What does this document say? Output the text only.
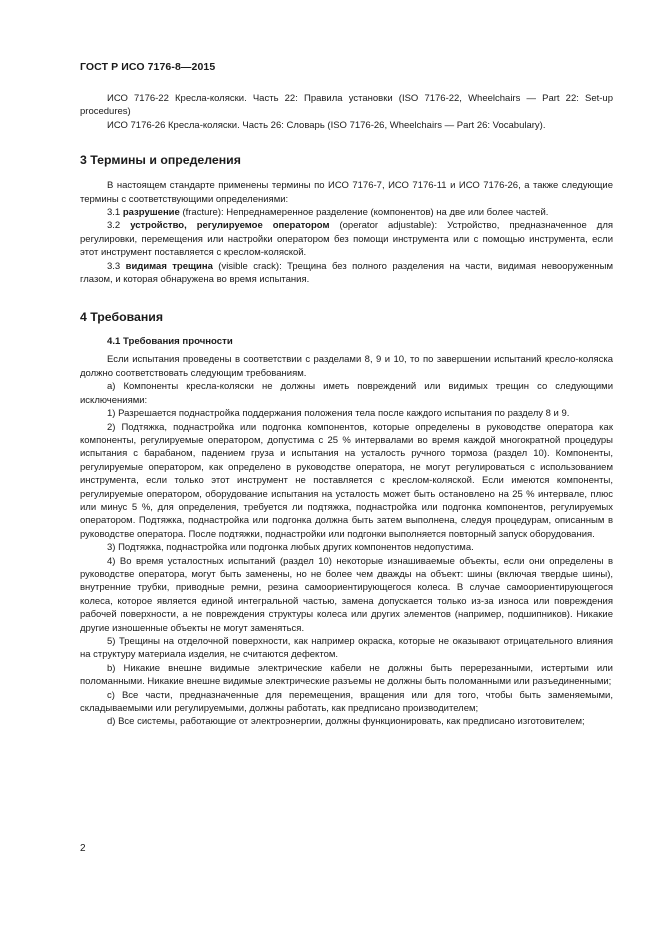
ГОСТ Р ИСО 7176-8—2015

ИСО 7176-22 Кресла-коляски. Часть 22: Правила установки (ISO 7176-22, Wheelchairs — Part 22: Set-up procedures)

ИСО 7176-26 Кресла-коляски. Часть 26: Словарь (ISO 7176-26, Wheelchairs — Part 26: Vocabulary).

3 Термины и определения

В настоящем стандарте применены термины по ИСО 7176-7, ИСО 7176-11 и ИСО 7176-26, а также следующие термины с соответствующими определениями:

3.1 разрушение (fracture): Непреднамеренное разделение (компонентов) на две или более частей.

3.2 устройство, регулируемое оператором (operator adjustable): Устройство, предназначенное для регулировки, перемещения или настройки оператором без помощи инструмента или с помощью инструмента, если этот инструмент поставляется с креслом-коляской.

3.3 видимая трещина (visible crack): Трещина без полного разделения на части, видимая невооруженным глазом, и которая обнаружена во время испытания.

4 Требования
4.1 Требования прочности

Если испытания проведены в соответствии с разделами 8, 9 и 10, то по завершении испытаний кресло-коляска должно соответствовать следующим требованиям.

а) Компоненты кресла-коляски не должны иметь повреждений или видимых трещин со следующими исключениями:

1) Разрешается поднастройка поддержания положения тела после каждого испытания по разделу 8 и 9.

2) Подтяжка, поднастройка или подгонка компонентов, которые определены в руководстве оператора как компоненты, регулируемые оператором, допустима с 25 % интервалами во время каждой многократной процедуры испытания с барабаном, падением груза и испытания на усталость ручного тормоза (раздел 10). Компоненты, регулируемые оператором, как определено в руководстве оператора, не могут регулироваться с использованием инструмента, если только этот инструмент не поставляется с креслом-коляской. Если имеются компоненты, регулируемые оператором, оборудование испытания на усталость может быть остановлено на 25 % интервале, плюс или минус 5 %, для определения, требуется ли подтяжка, поднастройка или подгонка компонентов, регулируемых оператором. Подтяжка, поднастройка или подгонка должна быть затем выполнена, следуя процедурам, описанным в руководстве оператора. После подтяжки, поднастройки или подгонки выполняется повторный запуск оборудования.

3) Подтяжка, поднастройка или подгонка любых других компонентов недопустима.

4) Во время усталостных испытаний (раздел 10) некоторые изнашиваемые объекты, если они определены в руководстве оператора, могут быть заменены, но не более чем дважды на объект: шины (включая твердые шины), внутренние трубки, приводные ремни, резина самоориентирующегося колеса. В случае самоориентирующегося колеса, которое является единой интегральной частью, замена допускается только из-за износа или повреждения рабочей поверхности, а не повреждения структуры колеса или других элементов (например, подшипников). Никакие другие изношенные объекты не могут заменяться.

5) Трещины на отделочной поверхности, как например окраска, которые не оказывают отрицательного влияния на структуру материала изделия, не считаются дефектом.

b) Никакие внешне видимые электрические кабели не должны быть перерезанными, истертыми или поломанными. Никакие внешне видимые электрические разъемы не должны быть поломанными или разъединенными;

c) Все части, предназначенные для перемещения, вращения или для того, чтобы быть заменяемыми, складываемыми или регулируемыми, должны работать, как предписано производителем;

d) Все системы, работающие от электроэнергии, должны функционировать, как предписано изготовителем;

2
